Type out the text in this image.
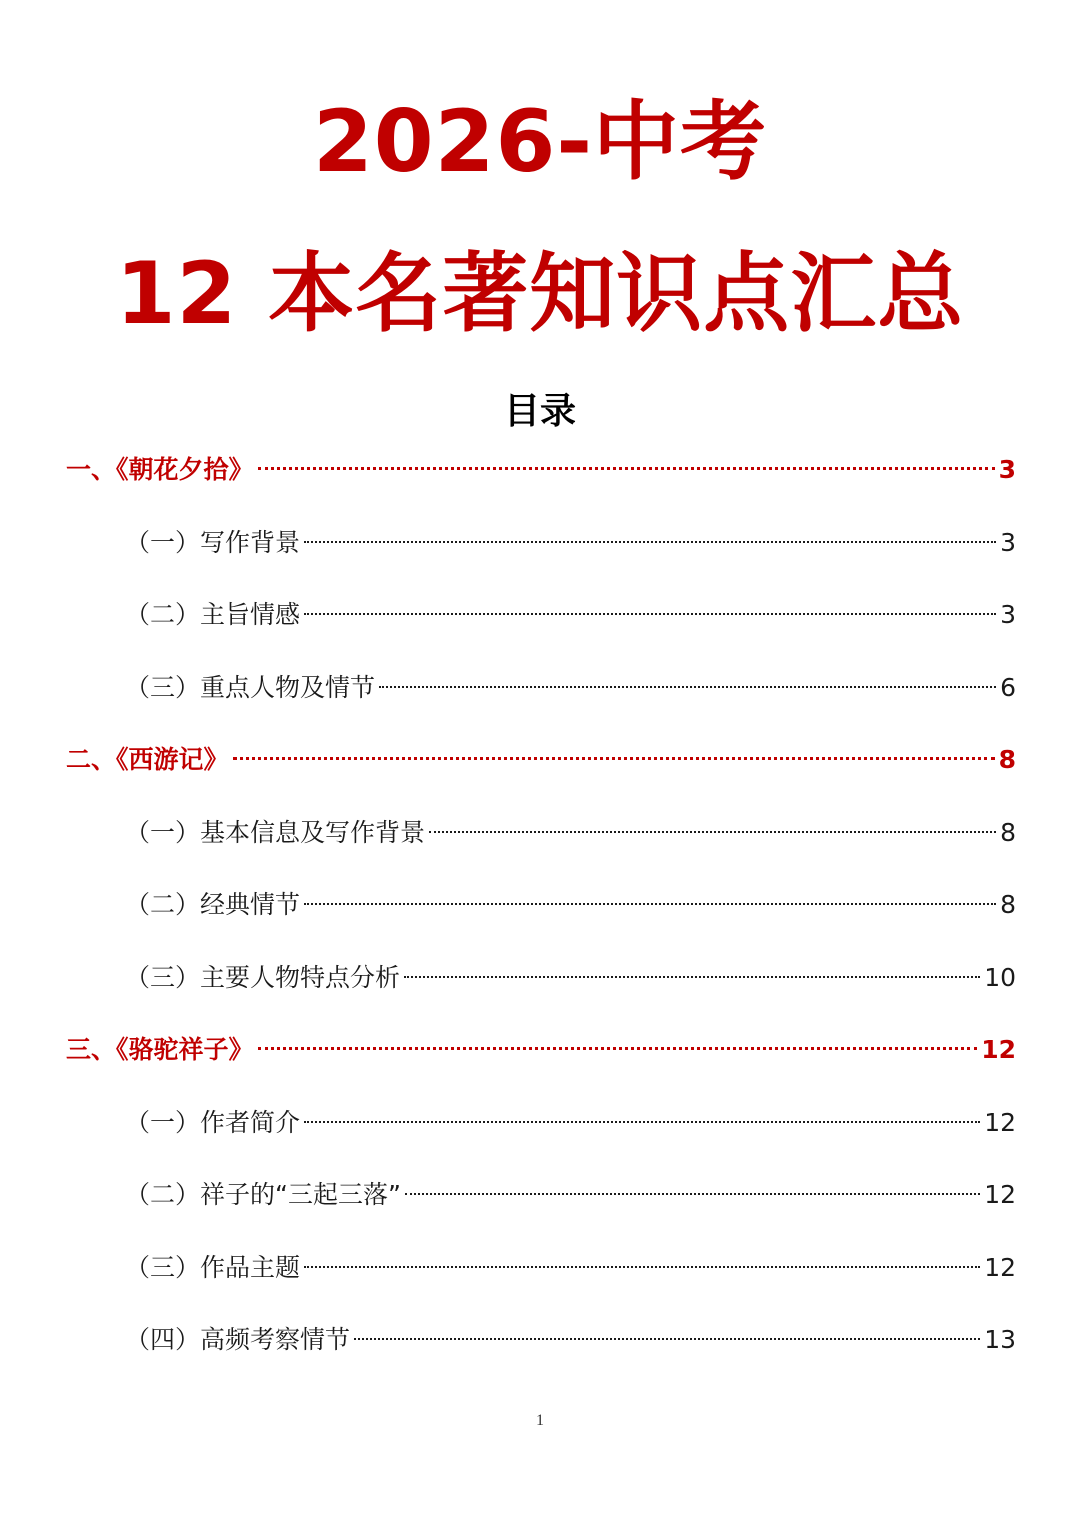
2026-中考
12 本名著知识点汇总
目录
一、《朝花夕拾》	3
（一）写作背景	3
（二）主旨情感	3
（三）重点人物及情节	6
二、《西游记》	8
（一）基本信息及写作背景	8
（二）经典情节	8
（三）主要人物特点分析	10
三、《骆驼祥子》	12
（一）作者简介	12
（二）祥子的“三起三落”	12
（三）作品主题	12
（四）高频考察情节	13
1
